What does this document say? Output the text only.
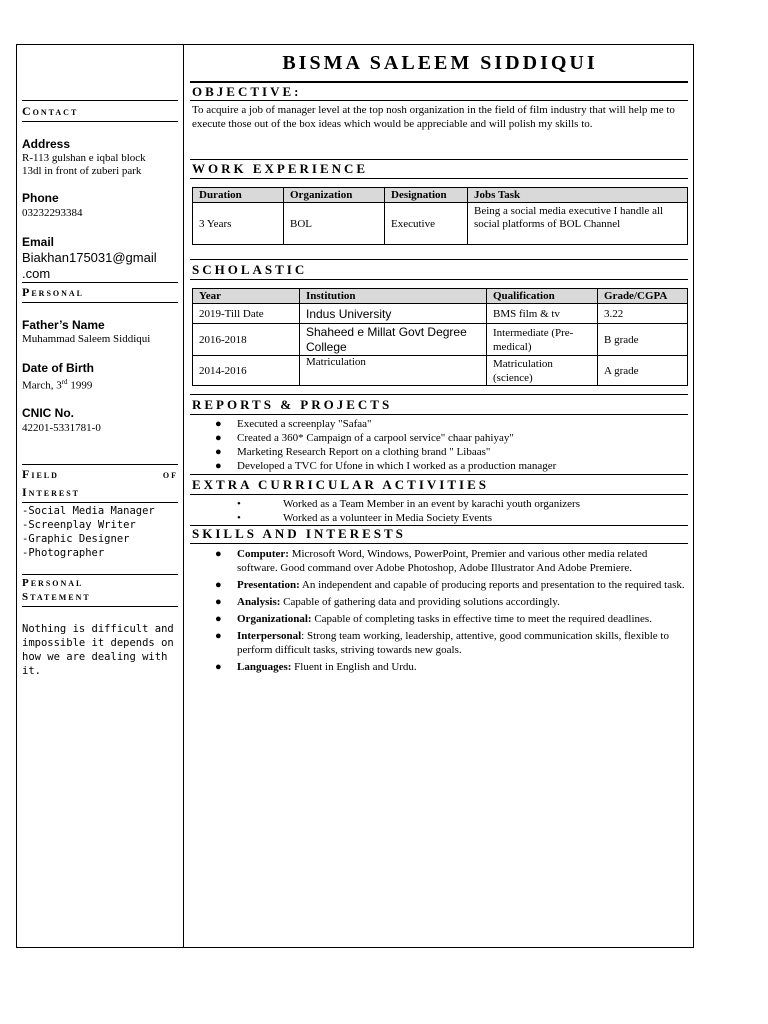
Contact
Address
R-113 gulshan e iqbal block
13dl in front of zuberi park
Phone
03232293384
Email
Biakhan175031@gmail
.com
Personal
Father’s Name
Muhammad Saleem Siddiqui
Date of Birth
March, 3rd 1999
CNIC No.
42201-5331781-0
Field	of
Interest
-Social Media Manager
-Screenplay Writer
-Graphic Designer
-Photographer
Personal
Statement
Nothing is difficult and impossible it depends on how we are dealing with it.
BISMA SALEEM SIDDIQUI
OBJECTIVE:
To acquire a job of manager level at the top nosh organization in the field of film industry that will help me to execute those out of the box ideas which would be appreciable and will polish my skills to.
WORK EXPERIENCE
Duration	Organization	Designation	Jobs Task
3 Years	BOL	Executive	Being a social media executive I handle all social platforms of BOL Channel
SCHOLASTIC
Year	Institution	Qualification	Grade/CGPA
2019-Till Date	Indus University	BMS film & tv	3.22
2016-2018	Shaheed e Millat Govt Degree College	Intermediate (Pre-medical)	B grade
2014-2016	Matriculation	Matriculation (science)	A grade
REPORTS & PROJECTS
● Executed a screenplay "Safaa"
● Created a 360* Campaign of a carpool service" chaar pahiyay"
● Marketing Research Report on a clothing brand " Libaas"
● Developed a TVC for Ufone in which I worked as a production manager
EXTRA CURRICULAR ACTIVITIES
•	Worked as a Team Member in an event by karachi youth organizers
•	Worked as a volunteer in Media Society Events
SKILLS AND INTERESTS
● Computer: Microsoft Word, Windows, PowerPoint, Premier and various other media related software. Good command over Adobe Photoshop, Adobe Illustrator And Adobe Premiere.
● Presentation: An independent and capable of producing reports and presentation to the required task.
● Analysis: Capable of gathering data and providing solutions accordingly.
● Organizational: Capable of completing tasks in effective time to meet the required deadlines.
● Interpersonal: Strong team working, leadership, attentive, good communication skills, flexible to perform difficult tasks, striving towards new goals.
● Languages: Fluent in English and Urdu.
